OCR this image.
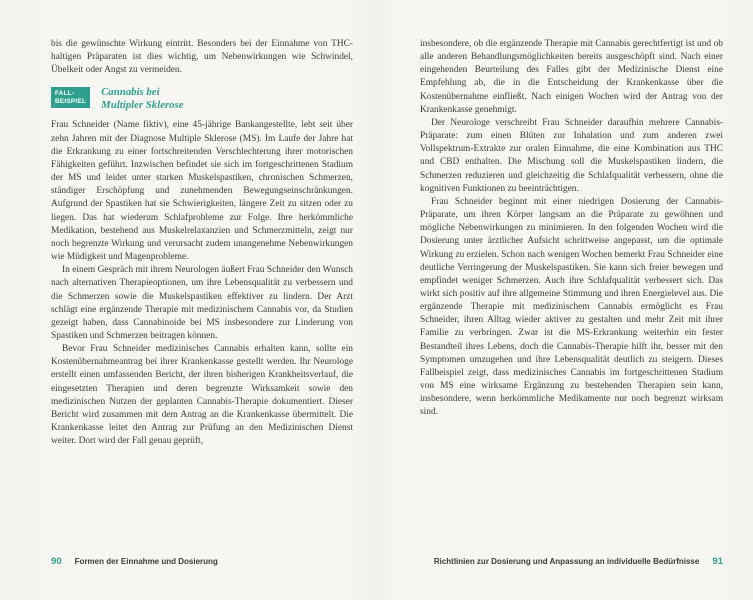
bis die gewünschte Wirkung eintritt. Besonders bei der Einnahme von THC-haltigen Präparaten ist dies wichtig, um Nebenwirkungen wie Schwindel, Übelkeit oder Angst zu vermeiden.

FALL-
BEISPIEL
Cannabis bei
Multipler Sklerose

Frau Schneider (Name fiktiv), eine 45-jährige Bankangestellte, lebt seit über zehn Jahren mit der Diagnose Multiple Sklerose (MS). Im Laufe der Jahre hat die Erkrankung zu einer fortschreitenden Verschlechterung ihrer motorischen Fähigkeiten geführt. Inzwischen befindet sie sich im fortgeschrittenen Stadium der MS und leidet unter starken Muskelspastiken, chronischen Schmerzen, ständiger Erschöpfung und zunehmenden Bewegungseinschränkungen. Aufgrund der Spastiken hat sie Schwierigkeiten, längere Zeit zu sitzen oder zu liegen. Das hat wiederum Schlafprobleme zur Folge. Ihre herkömmliche Medikation, bestehend aus Muskelrelaxanzien und Schmerzmitteln, zeigt nur noch begrenzte Wirkung und verursacht zudem unangenehme Nebenwirkungen wie Müdigkeit und Magenprobleme.

In einem Gespräch mit ihrem Neurologen äußert Frau Schneider den Wunsch nach alternativen Therapieoptionen, um ihre Lebensqualität zu verbessern und die Schmerzen sowie die Muskelspastiken effektiver zu lindern. Der Arzt schlägt eine ergänzende Therapie mit medizinischem Cannabis vor, da Studien gezeigt haben, dass Cannabinoide bei MS insbesondere zur Linderung von Spastiken und Schmerzen beitragen können.

Bevor Frau Schneider medizinisches Cannabis erhalten kann, sollte ein Kostenübernahmeantrag bei ihrer Krankenkasse gestellt werden. Ihr Neurologe erstellt einen umfassenden Bericht, der ihren bisherigen Krankheitsverlauf, die eingesetzten Therapien und deren begrenzte Wirksamkeit sowie den medizinischen Nutzen der geplanten Cannabis-Therapie dokumentiert. Dieser Bericht wird zusammen mit dem Antrag an die Krankenkasse übermittelt. Die Krankenkasse leitet den Antrag zur Prüfung an den Medizinischen Dienst weiter. Dort wird der Fall genau geprüft,

insbesondere, ob die ergänzende Therapie mit Cannabis gerechtfertigt ist und ob alle anderen Behandlungsmöglichkeiten bereits ausgeschöpft sind. Nach einer eingehenden Beurteilung des Falles gibt der Medizinische Dienst eine Empfehlung ab, die in die Entscheidung der Krankenkasse über die Kostenübernahme einfließt. Nach einigen Wochen wird der Antrag von der Krankenkasse genehmigt.

Der Neurologe verschreibt Frau Schneider daraufhin mehrere Cannabis-Präparate: zum einen Blüten zur Inhalation und zum anderen zwei Vollspektrum-Extrakte zur oralen Einnahme, die eine Kombination aus THC und CBD enthalten. Die Mischung soll die Muskelspastiken lindern, die Schmerzen reduzieren und gleichzeitig die Schlafqualität verbessern, ohne die kognitiven Funktionen zu beeinträchtigen.

Frau Schneider beginnt mit einer niedrigen Dosierung der Cannabis-Präparate, um ihren Körper langsam an die Präparate zu gewöhnen und mögliche Nebenwirkungen zu minimieren. In den folgenden Wochen wird die Dosierung unter ärztlicher Aufsicht schrittweise angepasst, um die optimale Wirkung zu erzielen. Schon nach wenigen Wochen bemerkt Frau Schneider eine deutliche Verringerung der Muskelspastiken. Sie kann sich freier bewegen und empfindet weniger Schmerzen. Auch ihre Schlafqualität verbessert sich. Das wirkt sich positiv auf ihre allgemeine Stimmung und ihren Energielevel aus. Die ergänzende Therapie mit medizinischem Cannabis ermöglicht es Frau Schneider, ihren Alltag wieder aktiver zu gestalten und mehr Zeit mit ihrer Familie zu verbringen. Zwar ist die MS-Erkrankung weiterhin ein fester Bestandteil ihres Lebens, doch die Cannabis-Therapie hilft ihr, besser mit den Symptomen umzugehen und ihre Lebensqualität deutlich zu steigern. Dieses Fallbeispiel zeigt, dass medizinisches Cannabis im fortgeschrittenen Stadium von MS eine wirksame Ergänzung zu bestehenden Therapien sein kann, insbesondere, wenn herkömmliche Medikamente nur noch begrenzt wirksam sind.

90 Formen der Einnahme und Dosierung	Richtlinien zur Dosierung und Anpassung an individuelle Bedürfnisse 91
